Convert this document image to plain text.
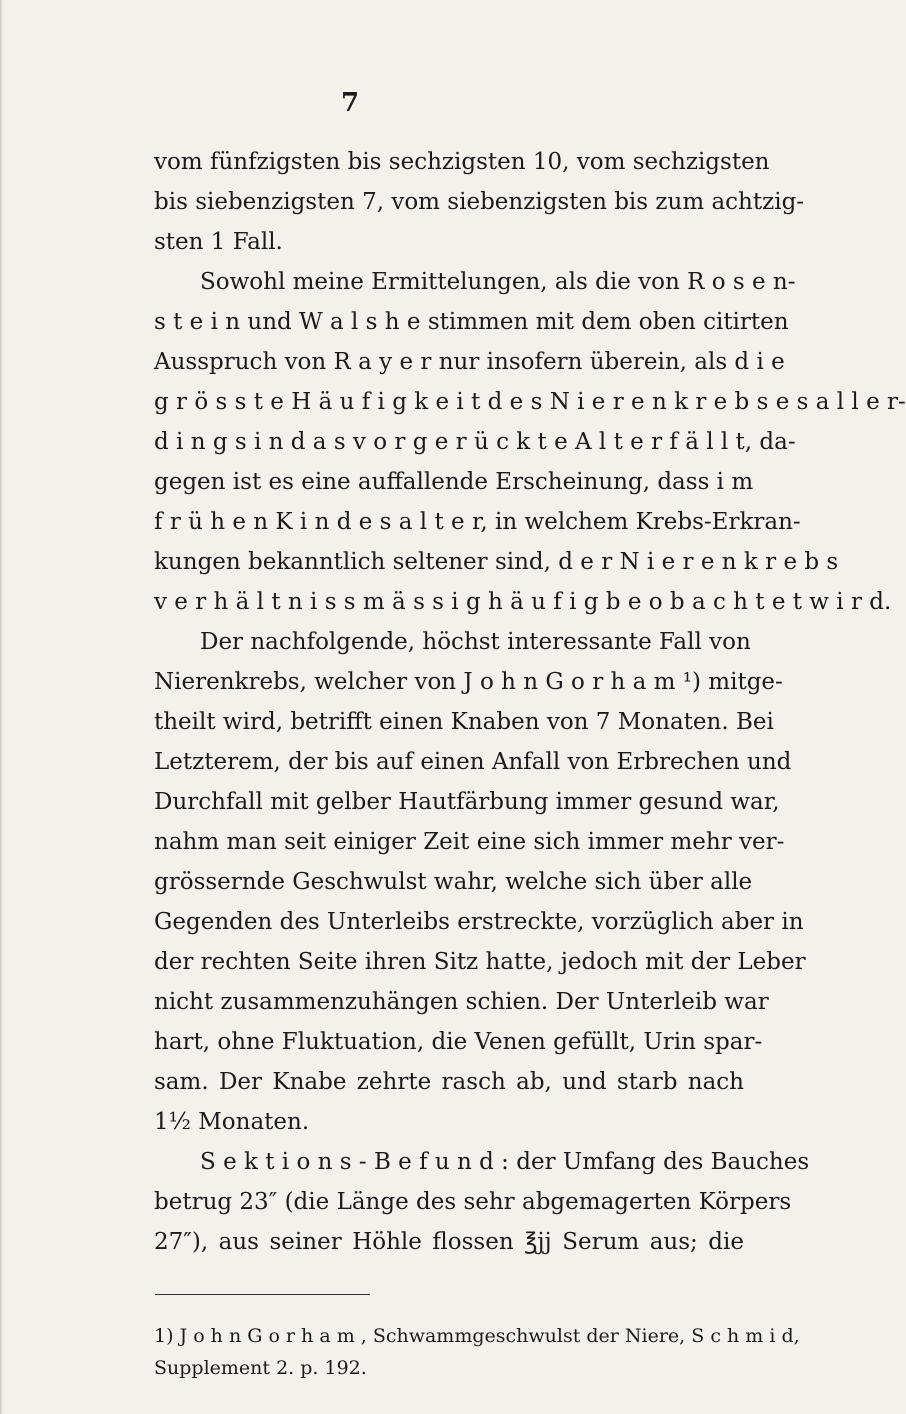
7
vom fünfzigsten bis sechzigsten 10, vom sechzigsten
bis siebenzigsten 7, vom siebenzigsten bis zum achtzig-
sten 1 Fall.
Sowohl meine Ermittelungen, als die von R o s e n-
s t e i n und W a l s h e stimmen mit dem oben citirten
Ausspruch von R a y e r nur insofern überein, als d i e
g r ö s s t e H ä u f i g k e i t d e s N i e r e n k r e b s e s a l l e r-
d i n g s i n d a s v o r g e r ü c k t e A l t e r f ä l l t, da-
gegen ist es eine auffallende Erscheinung, dass i m
f r ü h e n K i n d e s a l t e r, in welchem Krebs-Erkran-
kungen bekanntlich seltener sind, d e r N i e r e n k r e b s
v e r h ä l t n i s s m ä s s i g h ä u f i g b e o b a c h t e t w i r d.
Der nachfolgende, höchst interessante Fall von
Nierenkrebs, welcher von J o h n G o r h a m ¹) mitge-
theilt wird, betrifft einen Knaben von 7 Monaten. Bei
Letzterem, der bis auf einen Anfall von Erbrechen und
Durchfall mit gelber Hautfärbung immer gesund war,
nahm man seit einiger Zeit eine sich immer mehr ver-
grössernde Geschwulst wahr, welche sich über alle
Gegenden des Unterleibs erstreckte, vorzüglich aber in
der rechten Seite ihren Sitz hatte, jedoch mit der Leber
nicht zusammenzuhängen schien. Der Unterleib war
hart, ohne Fluktuation, die Venen gefüllt, Urin spar-
sam. Der Knabe zehrte rasch ab, und starb nach
1½ Monaten.
S e k t i o n s - B e f u n d : der Umfang des Bauches
betrug 23″ (die Länge des sehr abgemagerten Körpers
27″), aus seiner Höhle flossen ℥jj Serum aus; die
1) J o h n G o r h a m , Schwammgeschwulst der Niere, S c h m i d,
Supplement 2. p. 192.
